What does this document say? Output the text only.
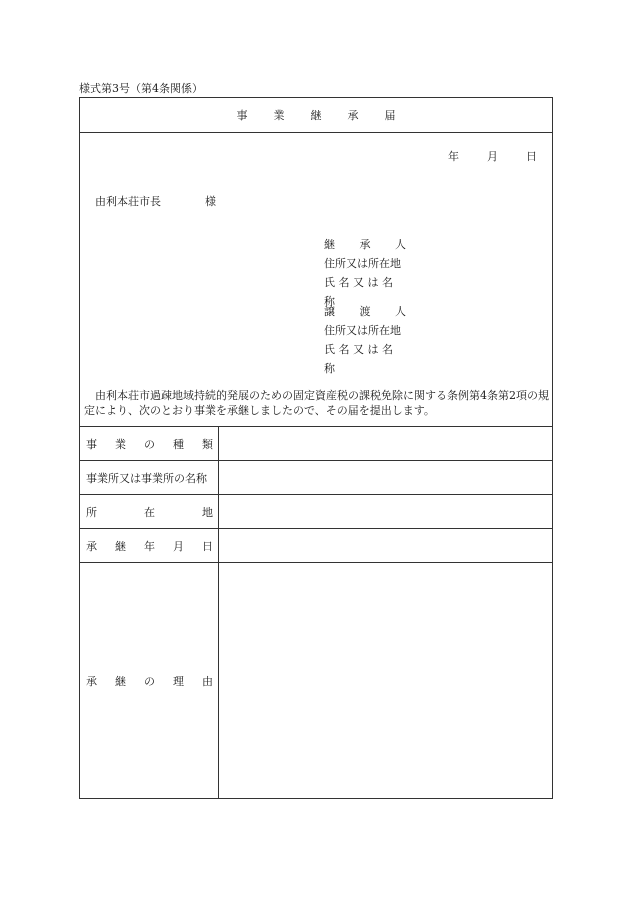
様式第3号（第4条関係）
事 業 継 承 届
年	月	日
由利本荘市長	様
継 承 人
住所又は所在地
氏 名 又 は 名 称
譲 渡 人
住所又は所在地
氏 名 又 は 名 称
由利本荘市過疎地域持続的発展のための固定資産税の課税免除に関する条例第4条第2項の規定により、次のとおり事業を承継しましたので、その届を提出します。
事 業 の 種 類
事業所又は事業所の名称
所	在	地
承 継 年 月 日
承 継 の 理 由
